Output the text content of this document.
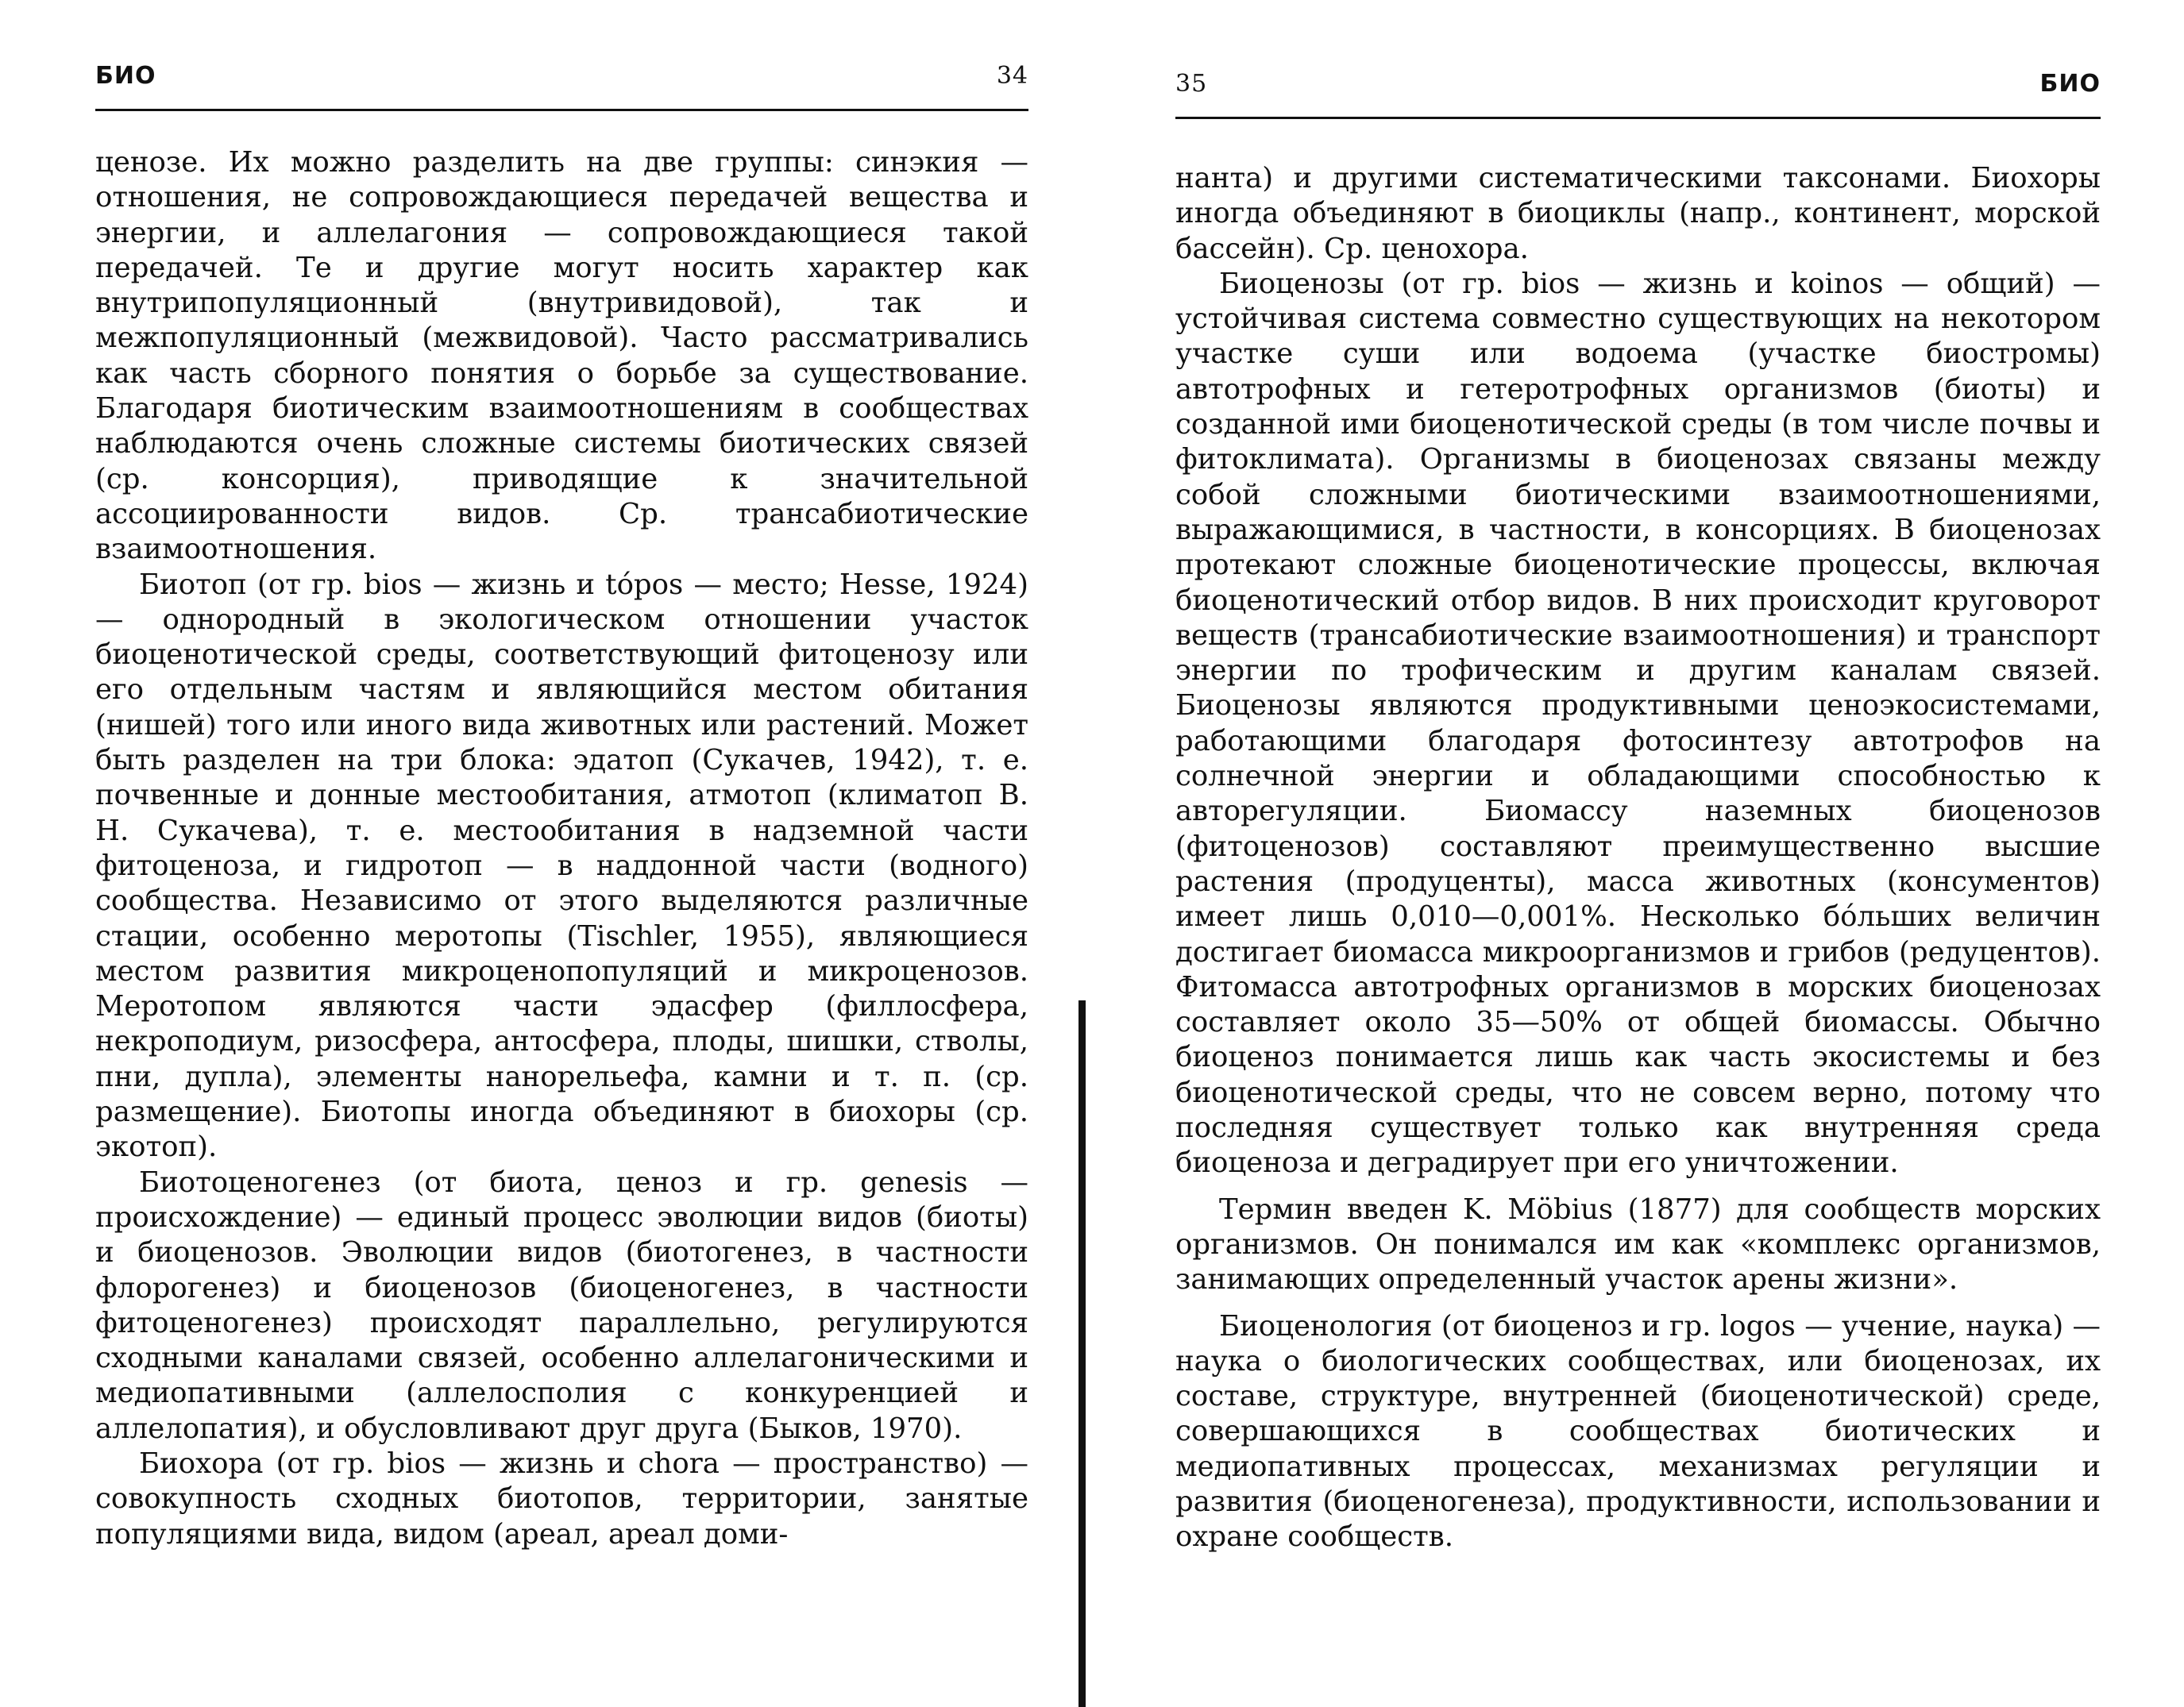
БИО	34

ценозе. Их можно разделить на две группы: синэкия — отношения, не сопровождающиеся передачей вещества и энергии, и аллелагония — сопровождающиеся такой передачей. Те и другие могут носить характер как внутрипопуляционный (внутривидовой), так и межпопуляционный (межвидовой). Часто рассматривались как часть сборного понятия о борьбе за существование. Благодаря биотическим взаимоотношениям в сообществах наблюдаются очень сложные системы биотических связей (ср. консорция), приводящие к значительной ассоциированности видов. Ср. трансабиотические взаимоотношения.

Биотоп (от гр. bios — жизнь и tópos — место; Hesse, 1924) — однородный в экологическом отношении участок биоценотической среды, соответствующий фитоценозу или его отдельным частям и являющийся местом обитания (нишей) того или иного вида животных или растений. Может быть разделен на три блока: эдатоп (Сукачев, 1942), т. е. почвенные и донные местообитания, атмотоп (климатоп В. Н. Сукачева), т. е. местообитания в надземной части фитоценоза, и гидротоп — в наддонной части (водного) сообщества. Независимо от этого выделяются различные стации, особенно меротопы (Tischler, 1955), являющиеся местом развития микроценопопуляций и микроценозов. Меротопом являются части эдасфер (филлосфера, некроподиум, ризосфера, антосфера, плоды, шишки, стволы, пни, дупла), элементы нанорельефа, камни и т. п. (ср. размещение). Биотопы иногда объединяют в биохоры (ср. экотоп).

Биотоценогенез (от биота, ценоз и гр. genesis — происхождение) — единый процесс эволюции видов (биоты) и биоценозов. Эволюции видов (биотогенез, в частности флорогенез) и биоценозов (биоценогенез, в частности фитоценогенез) происходят параллельно, регулируются сходными каналами связей, особенно аллелагоническими и медиопативными (аллелосполия с конкуренцией и аллелопатия), и обусловливают друг друга (Быков, 1970).

Биохора (от гр. bios — жизнь и chora — пространство) — совокупность сходных биотопов, территории, занятые популяциями вида, видом (ареал, ареал доми-

35	БИО

нанта) и другими систематическими таксонами. Биохоры иногда объединяют в биоциклы (напр., континент, морской бассейн). Ср. ценохора.

Биоценозы (от гр. bios — жизнь и koinos — общий) — устойчивая система совместно существующих на некотором участке суши или водоема (участке биостромы) автотрофных и гетеротрофных организмов (биоты) и созданной ими биоценотической среды (в том числе почвы и фитоклимата). Организмы в биоценозах связаны между собой сложными биотическими взаимоотношениями, выражающимися, в частности, в консорциях. В биоценозах протекают сложные биоценотические процессы, включая биоценотический отбор видов. В них происходит круговорот веществ (трансабиотические взаимоотношения) и транспорт энергии по трофическим и другим каналам связей. Биоценозы являются продуктивными ценоэкосистемами, работающими благодаря фотосинтезу автотрофов на солнечной энергии и обладающими способностью к авторегуляции. Биомассу наземных биоценозов (фитоценозов) составляют преимущественно высшие растения (продуценты), масса животных (консументов) имеет лишь 0,010—0,001%. Несколько бóльших величин достигает биомасса микроорганизмов и грибов (редуцентов). Фитомасса автотрофных организмов в морских биоценозах составляет около 35—50% от общей биомассы. Обычно биоценоз понимается лишь как часть экосистемы и без биоценотической среды, что не совсем верно, потому что последняя существует только как внутренняя среда биоценоза и деградирует при его уничтожении.

Термин введен K. Möbius (1877) для сообществ морских организмов. Он понимался им как «комплекс организмов, занимающих определенный участок арены жизни».

Биоценология (от биоценоз и гр. logos — учение, наука) — наука о биологических сообществах, или биоценозах, их составе, структуре, внутренней (биоценотической) среде, совершающихся в сообществах биотических и медиопативных процессах, механизмах регуляции и развития (биоценогенеза), продуктивности, использовании и охране сообществ.
